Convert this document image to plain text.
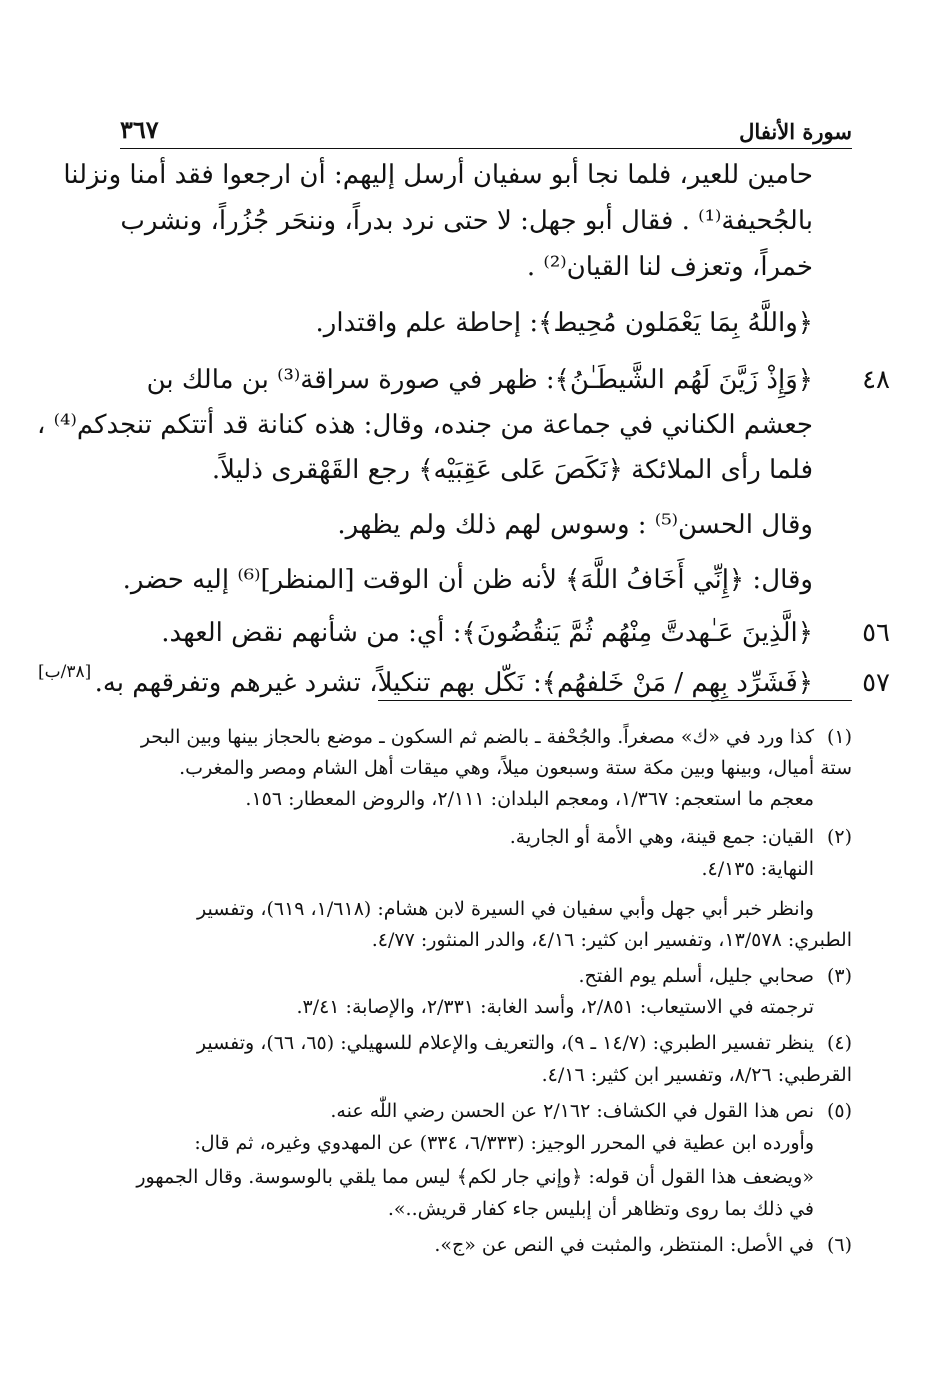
سورة الأنفال
٣٦٧
حامين للعير، فلما نجا أبو سفيان أرسل إليهم: أن ارجعوا فقد أمنا ونزلنا
بالجُحيفة⁽¹⁾ . فقال أبو جهل: لا حتى نرد بدراً، وننحَر جُزُراً، ونشرب
خمراً، وتعزف لنا القيان⁽²⁾ .
﴿واللَّهُ بِمَا يَعْمَلون مُحِيط﴾: إحاطة علم واقتدار.
٤٨
﴿وَإِذْ زَيَّنَ لَهُم الشَّيطَـٰنُ﴾: ظهر في صورة سراقة⁽³⁾ بن مالك بن
جعشم الكناني في جماعة من جنده، وقال: هذه كنانة قد أتتكم تنجدكم⁽⁴⁾ ،
فلما رأى الملائكة ﴿نَكَصَ عَلى عَقِبَيْه﴾ رجع القَهْقرى ذليلاً.
وقال الحسن⁽⁵⁾ : وسوس لهم ذلك ولم يظهر.
وقال: ﴿إِنِّي أَخَافُ اللَّهَ﴾ لأنه ظن أن الوقت [المنظر]⁽⁶⁾ إليه حضر.
٥٦
﴿الَّذِينَ عَـٰهدتَّ مِنْهُم ثُمَّ يَنقُضُونَ﴾: أي: من شأنهم نقض العهد.
٥٧
﴿فَشَرِّد بِهِم / مَنْ خَلفهُم﴾: نَكّل بهم تنكيلاً، تشرد غيرهم وتفرقهم به.
[٣٨/ب]
(١)
كذا ورد في «ك» مصغراً. والجُحْفة ـ بالضم ثم السكون ـ موضع بالحجاز بينها وبين البحر
ستة أميال، وبينها وبين مكة ستة وسبعون ميلاً، وهي ميقات أهل الشام ومصر والمغرب.
معجم ما استعجم: ١/٣٦٧، ومعجم البلدان: ٢/١١١، والروض المعطار: ١٥٦.
(٢)
القيان: جمع قينة، وهي الأمة أو الجارية.
النهاية: ٤/١٣٥.
وانظر خبر أبي جهل وأبي سفيان في السيرة لابن هشام: (١/٦١٨، ٦١٩)، وتفسير
الطبري: ١٣/٥٧٨، وتفسير ابن كثير: ٤/١٦، والدر المنثور: ٤/٧٧.
(٣)
صحابي جليل، أسلم يوم الفتح.
ترجمته في الاستيعاب: ٢/٨٥١، وأسد الغابة: ٢/٣٣١، والإصابة: ٣/٤١.
(٤)
ينظر تفسير الطبري: (١٤/٧ ـ ٩)، والتعريف والإعلام للسهيلي: (٦٥، ٦٦)، وتفسير
القرطبي: ٨/٢٦، وتفسير ابن كثير: ٤/١٦.
(٥)
نص هذا القول في الكشاف: ٢/١٦٢ عن الحسن رضي اللّٰه عنه.
وأورده ابن عطية في المحرر الوجيز: (٦/٣٣٣، ٣٣٤) عن المهدوي وغيره، ثم قال:
«ويضعف هذا القول أن قوله: ﴿وإني جار لكم﴾ ليس مما يلقي بالوسوسة. وقال الجمهور
في ذلك بما روى وتظاهر أن إبليس جاء كفار قريش..».
(٦)
في الأصل: المنتظر، والمثبت في النص عن «ج».
